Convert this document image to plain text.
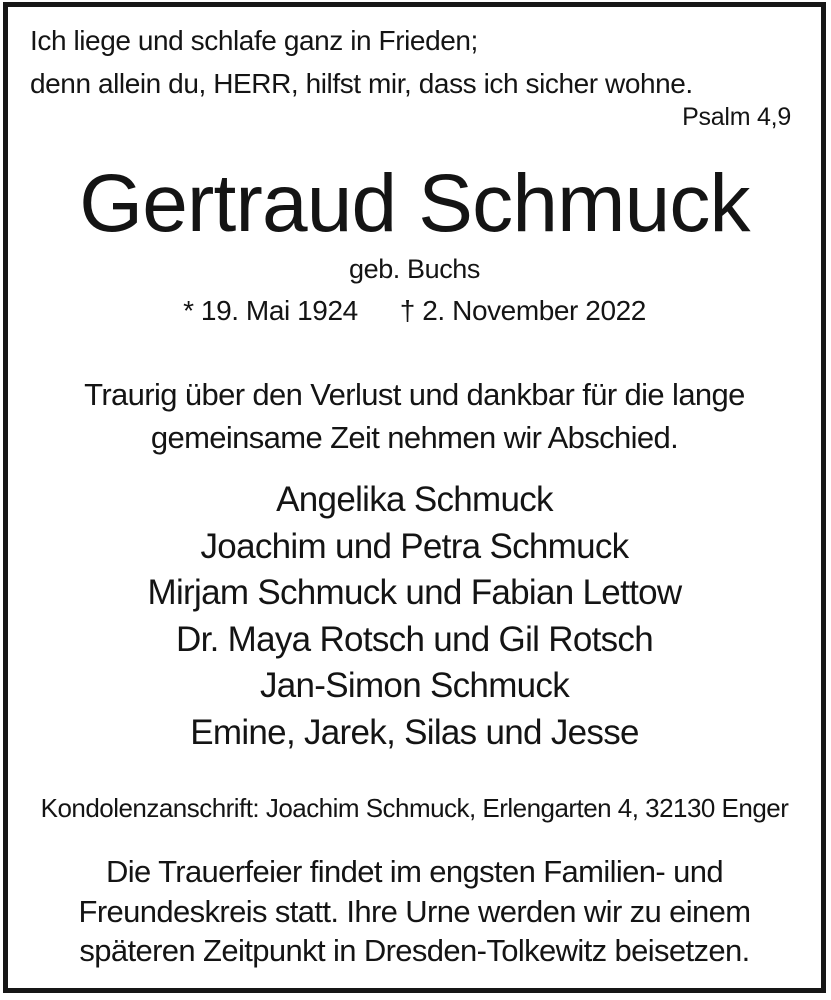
Ich liege und schlafe ganz in Frieden;
denn allein du, HERR, hilfst mir, dass ich sicher wohne.
Psalm 4,9
Gertraud Schmuck
geb. Buchs
* 19. Mai 1924 † 2. November 2022
Traurig über den Verlust und dankbar für die lange
gemeinsame Zeit nehmen wir Abschied.
Angelika Schmuck
Joachim und Petra Schmuck
Mirjam Schmuck und Fabian Lettow
Dr. Maya Rotsch und Gil Rotsch
Jan-Simon Schmuck
Emine, Jarek, Silas und Jesse
Kondolenzanschrift: Joachim Schmuck, Erlengarten 4, 32130 Enger
Die Trauerfeier findet im engsten Familien- und
Freundeskreis statt. Ihre Urne werden wir zu einem
späteren Zeitpunkt in Dresden-Tolkewitz beisetzen.
